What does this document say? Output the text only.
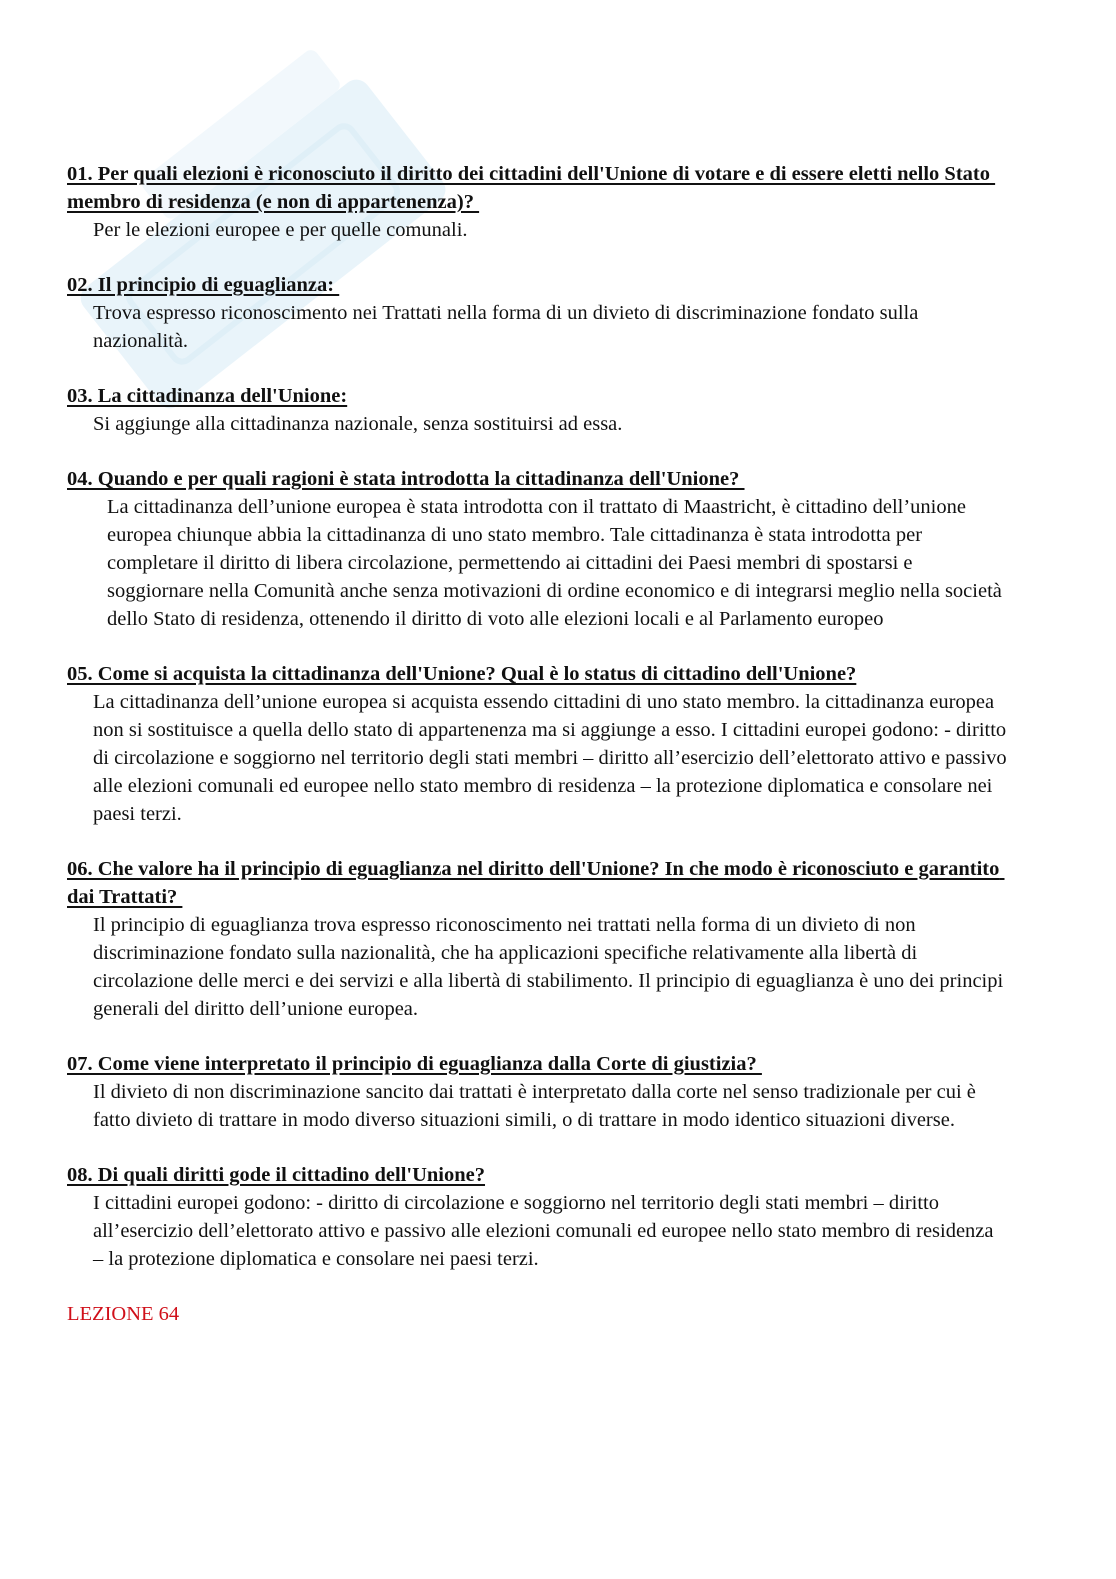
01. Per quali elezioni è riconosciuto il diritto dei cittadini dell'Unione di votare e di essere eletti nello Stato membro di residenza (e non di appartenenza)?

Per le elezioni europee e per quelle comunali.

02. Il principio di eguaglianza:

Trova espresso riconoscimento nei Trattati nella forma di un divieto di discriminazione fondato sulla nazionalità.

03. La cittadinanza dell'Unione:

Si aggiunge alla cittadinanza nazionale, senza sostituirsi ad essa.

04. Quando e per quali ragioni è stata introdotta la cittadinanza dell'Unione?

La cittadinanza dell’unione europea è stata introdotta con il trattato di Maastricht, è cittadino dell’unione europea chiunque abbia la cittadinanza di uno stato membro. Tale cittadinanza è stata introdotta per completare il diritto di libera circolazione, permettendo ai cittadini dei Paesi membri di spostarsi e soggiornare nella Comunità anche senza motivazioni di ordine economico e di integrarsi meglio nella società dello Stato di residenza, ottenendo il diritto di voto alle elezioni locali e al Parlamento europeo

05. Come si acquista la cittadinanza dell'Unione? Qual è lo status di cittadino dell'Unione?

La cittadinanza dell’unione europea si acquista essendo cittadini di uno stato membro. la cittadinanza europea non si sostituisce a quella dello stato di appartenenza ma si aggiunge a esso. I cittadini europei godono: - diritto di circolazione e soggiorno nel territorio degli stati membri – diritto all’esercizio dell’elettorato attivo e passivo alle elezioni comunali ed europee nello stato membro di residenza – la protezione diplomatica e consolare nei paesi terzi.

06. Che valore ha il principio di eguaglianza nel diritto dell'Unione? In che modo è riconosciuto e garantito dai Trattati?

Il principio di eguaglianza trova espresso riconoscimento nei trattati nella forma di un divieto di non discriminazione fondato sulla nazionalità, che ha applicazioni specifiche relativamente alla libertà di circolazione delle merci e dei servizi e alla libertà di stabilimento. Il principio di eguaglianza è uno dei principi generali del diritto dell’unione europea.

07. Come viene interpretato il principio di eguaglianza dalla Corte di giustizia?

Il divieto di non discriminazione sancito dai trattati è interpretato dalla corte nel senso tradizionale per cui è fatto divieto di trattare in modo diverso situazioni simili, o di trattare in modo identico situazioni diverse.

08. Di quali diritti gode il cittadino dell'Unione?

I cittadini europei godono: - diritto di circolazione e soggiorno nel territorio degli stati membri – diritto all’esercizio dell’elettorato attivo e passivo alle elezioni comunali ed europee nello stato membro di residenza – la protezione diplomatica e consolare nei paesi terzi.

LEZIONE 64
